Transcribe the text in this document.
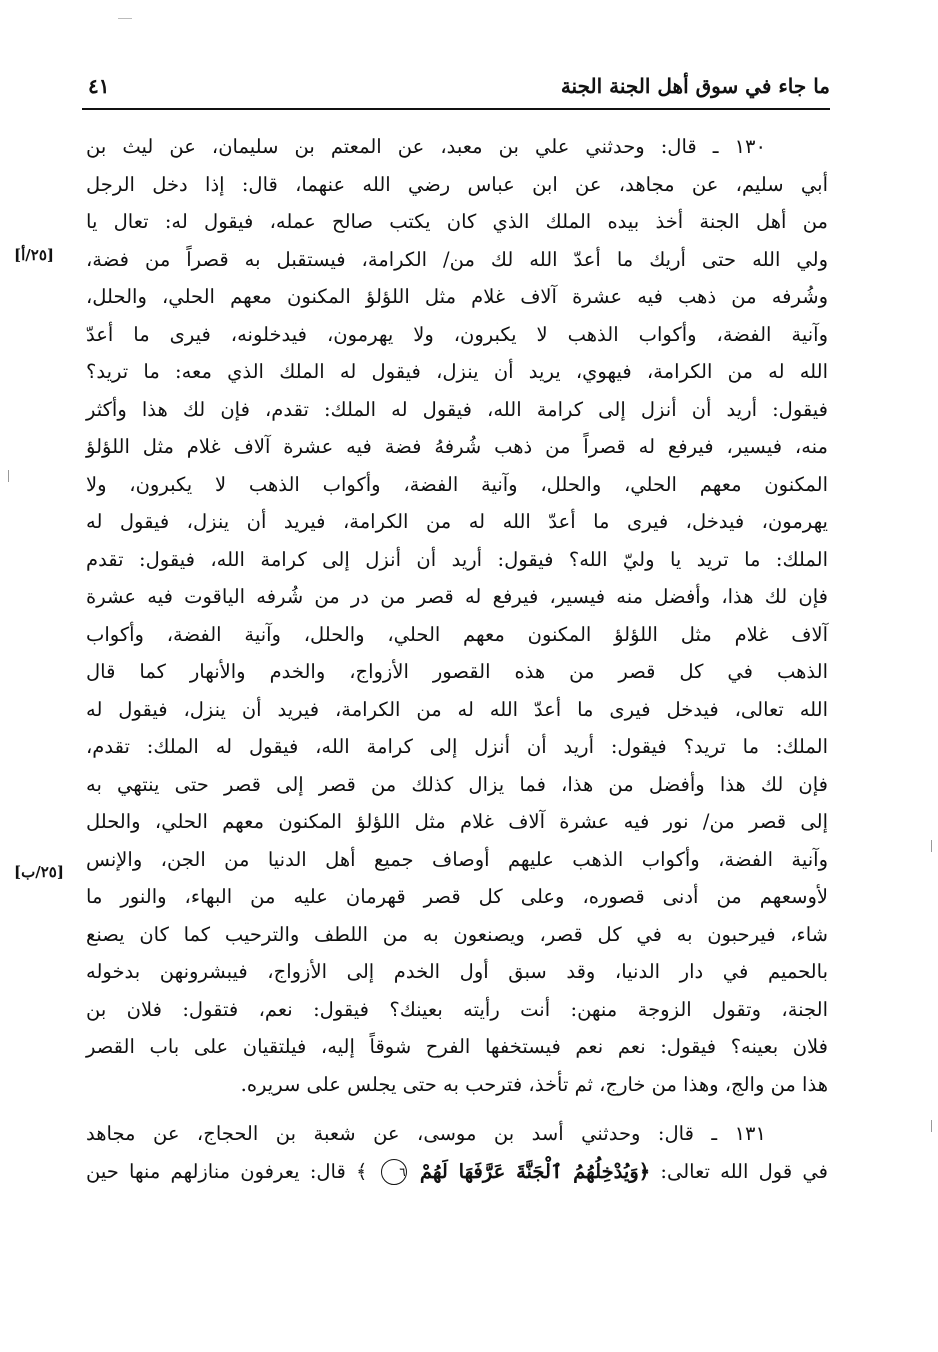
ما جاء في سوق أهل الجنة الجنة
٤١
[٢٥/أ]
[٢٥/ب]
١٣٠ ـ قال: وحدثني علي بن معبد، عن المعتم بن سليمان، عن ليث بن
أبي سليم، عن مجاهد، عن ابن عباس رضي الله عنهما، قال: إذا دخل الرجل
من أهل الجنة أخذ بيده الملك الذي كان يكتب صالح عمله، فيقول له: تعال يا
ولي الله حتى أريك ما أعدّ الله لك من/ الكرامة، فيستقبل به قصراً من فضة،
وشُرفه من ذهب فيه عشرة آلاف غلام مثل اللؤلؤ المكنون معهم الحلي، والحلل،
وآنية الفضة، وأكواب الذهب لا يكبرون، ولا يهرمون، فيدخلونه، فيرى ما أعدّ
الله له من الكرامة، فيهوي، يريد أن ينزل، فيقول له الملك الذي معه: ما تريد؟
فيقول: أريد أن أنزل إلى كرامة الله، فيقول له الملك: تقدم، فإن لك هذا وأكثر
منه، فيسير، فيرفع له قصراً من ذهب شُرفهُ فضة فيه عشرة آلاف غلام مثل اللؤلؤ
المكنون معهم الحلي، والحلل، وآنية الفضة، وأكواب الذهب لا يكبرون، ولا
يهرمون، فيدخل، فيرى ما أعدّ الله له من الكرامة، فيريد أن ينزل، فيقول له
الملك: ما تريد يا وليّ الله؟ فيقول: أريد أن أنزل إلى كرامة الله، فيقول: تقدم
فإن لك هذا، وأفضل منه فيسير، فيرفع له قصر من در من شُرفه الياقوت فيه عشرة
آلاف غلام مثل اللؤلؤ المكنون معهم الحلي، والحلل، وآنية الفضة، وأكواب
الذهب في كل قصر من هذه القصور الأزواج، والخدم والأنهار كما قال
الله تعالى، فيدخل فيرى ما أعدّ الله له من الكرامة، فيريد أن ينزل، فيقول له
الملك: ما تريد؟ فيقول: أريد أن أنزل إلى كرامة الله، فيقول له الملك: تقدم،
فإن لك هذا وأفضل من هذا، فما يزال كذلك من قصر إلى قصر حتى ينتهي به
إلى قصر من/ نور فيه عشرة آلاف غلام مثل اللؤلؤ المكنون معهم الحلي، والحلل
وآنية الفضة، وأكواب الذهب عليهم أوصاف جميع أهل الدنيا من الجن، والإنس
لأوسعهم من أدنى قصوره، وعلى كل قصر قهرمان عليه من البهاء، والنور ما
شاء، فيرحبون به في كل قصر، ويصنعون به من اللطف والترحيب كما كان يصنع
بالحميم في دار الدنيا، وقد سبق أول الخدم إلى الأزواج، فيبشرونهن بدخوله
الجنة، وتقول الزوجة منهن: أنت رأيته بعينك؟ فيقول: نعم، فتقول: فلان بن
فلان بعينه؟ فيقول: نعم نعم فيستخفها الفرح شوقاً إليه، فيلتقيان على باب القصر
هذا من والج، وهذا من خارج، ثم تأخذ، فترحب به حتى يجلس على سريره.
١٣١ ـ قال: وحدثني أسد بن موسى، عن شعبة بن الحجاج، عن مجاهد
في قول الله تعالى: ﴿وَيُدْخِلُهُمُ ٱلْجَنَّةَ عَرَّفَهَا لَهُمْ ٦ ﴾ قال: يعرفون منازلهم منها حين
